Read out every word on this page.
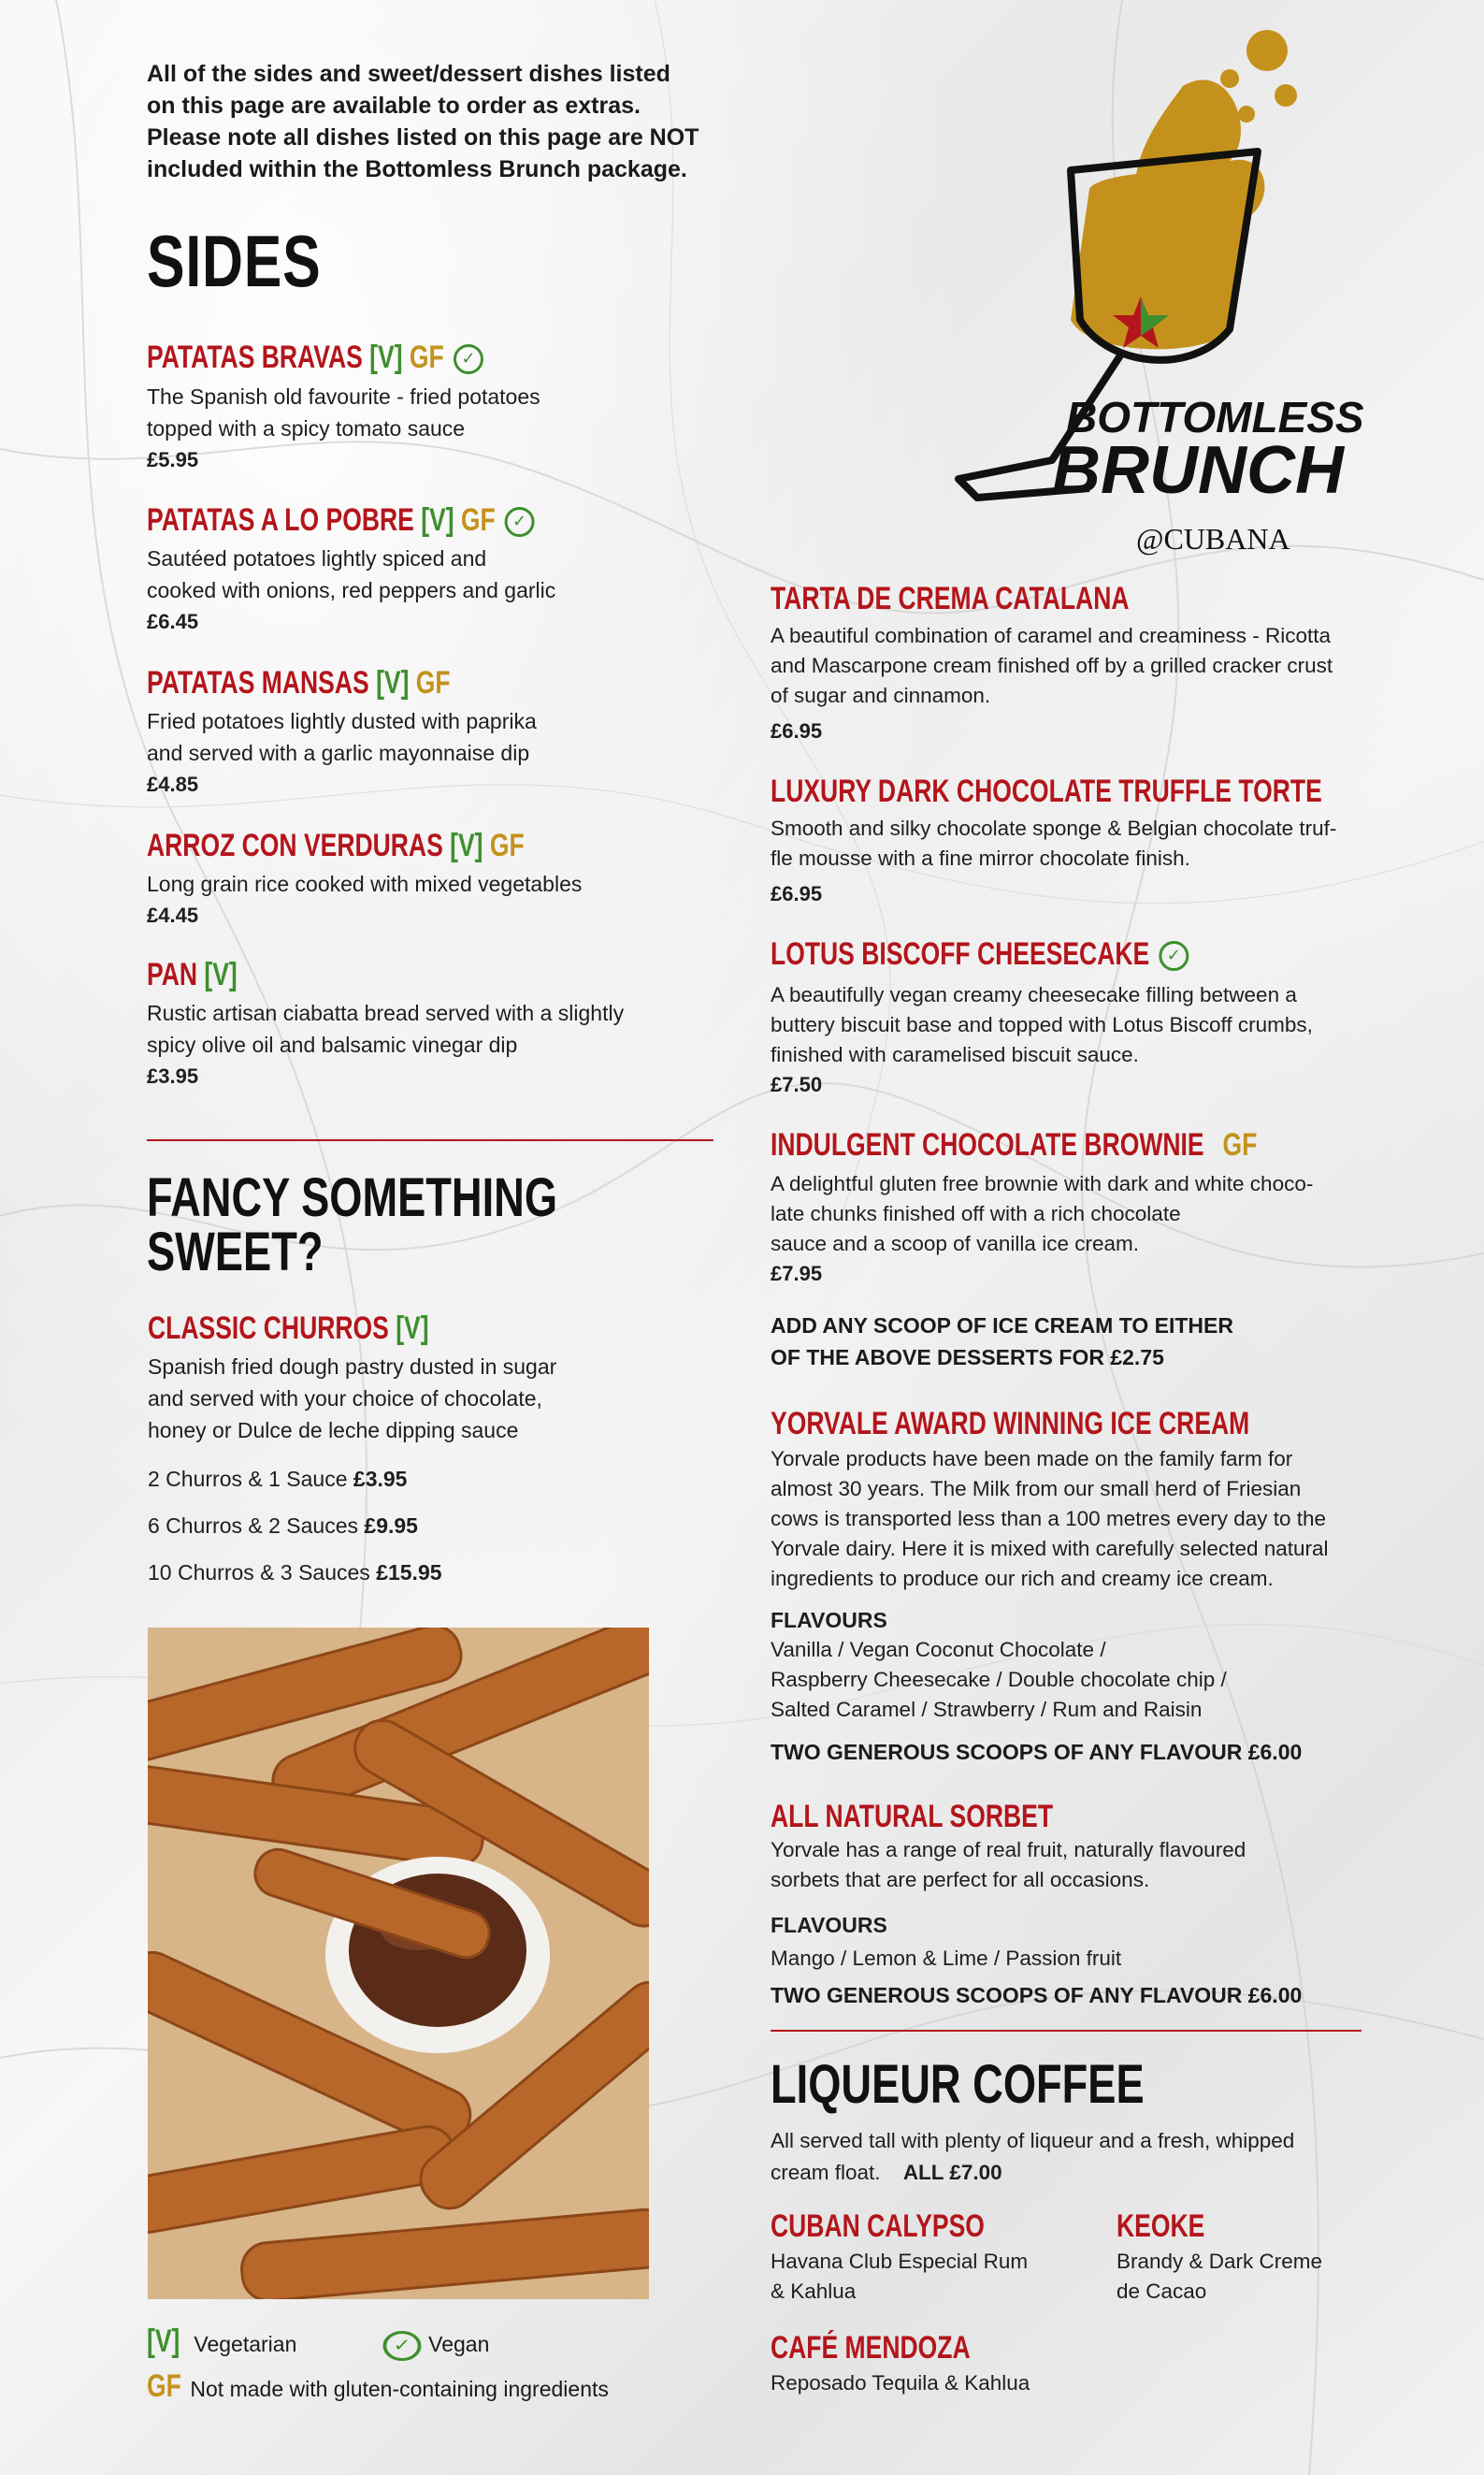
All of the sides and sweet/dessert dishes listed
on this page are available to order as extras.
Please note all dishes listed on this page are NOT
included within the Bottomless Brunch package.
BOTTOMLESS
BRUNCH
@CUBANA
SIDES
PATATAS BRAVAS [V] GF ✓
The Spanish old favourite - fried potatoes
topped with a spicy tomato sauce
£5.95
PATATAS A LO POBRE [V] GF ✓
Sautéed potatoes lightly spiced and
cooked with onions, red peppers and garlic
£6.45
PATATAS MANSAS [V] GF
Fried potatoes lightly dusted with paprika
and served with a garlic mayonnaise dip
£4.85
ARROZ CON VERDURAS [V] GF
Long grain rice cooked with mixed vegetables
£4.45
PAN [V]
Rustic artisan ciabatta bread served with a slightly
spicy olive oil and balsamic vinegar dip
£3.95
FANCY SOMETHING
SWEET?
CLASSIC CHURROS [V]
Spanish fried dough pastry dusted in sugar
and served with your choice of chocolate,
honey or Dulce de leche dipping sauce
2 Churros & 1 Sauce £3.95
6 Churros & 2 Sauces £9.95
10 Churros & 3 Sauces £15.95
[V] Vegetarian	✓ Vegan
GF Not made with gluten-containing ingredients
TARTA DE CREMA CATALANA
A beautiful combination of caramel and creaminess - Ricotta
and Mascarpone cream finished off by a grilled cracker crust
of sugar and cinnamon.
£6.95
LUXURY DARK CHOCOLATE TRUFFLE TORTE
Smooth and silky chocolate sponge & Belgian chocolate truf-
fle mousse with a fine mirror chocolate finish.
£6.95
LOTUS BISCOFF CHEESECAKE ✓
A beautifully vegan creamy cheesecake filling between a
buttery biscuit base and topped with Lotus Biscoff crumbs,
finished with caramelised biscuit sauce.
£7.50
INDULGENT CHOCOLATE BROWNIE GF
A delightful gluten free brownie with dark and white choco-
late chunks finished off with a rich chocolate
sauce and a scoop of vanilla ice cream.
£7.95
ADD ANY SCOOP OF ICE CREAM TO EITHER
OF THE ABOVE DESSERTS FOR £2.75
YORVALE AWARD WINNING ICE CREAM
Yorvale products have been made on the family farm for
almost 30 years. The Milk from our small herd of Friesian
cows is transported less than a 100 metres every day to the
Yorvale dairy. Here it is mixed with carefully selected natural
ingredients to produce our rich and creamy ice cream.
FLAVOURS
Vanilla / Vegan Coconut Chocolate /
Raspberry Cheesecake / Double chocolate chip /
Salted Caramel / Strawberry / Rum and Raisin
TWO GENEROUS SCOOPS OF ANY FLAVOUR £6.00
ALL NATURAL SORBET
Yorvale has a range of real fruit, naturally flavoured
sorbets that are perfect for all occasions.
FLAVOURS
Mango / Lemon & Lime / Passion fruit
TWO GENEROUS SCOOPS OF ANY FLAVOUR £6.00
LIQUEUR COFFEE
All served tall with plenty of liqueur and a fresh, whipped
cream float. ALL £7.00
CUBAN CALYPSO
Havana Club Especial Rum
& Kahlua
KEOKE
Brandy & Dark Creme
de Cacao
CAFÉ MENDOZA
Reposado Tequila & Kahlua
